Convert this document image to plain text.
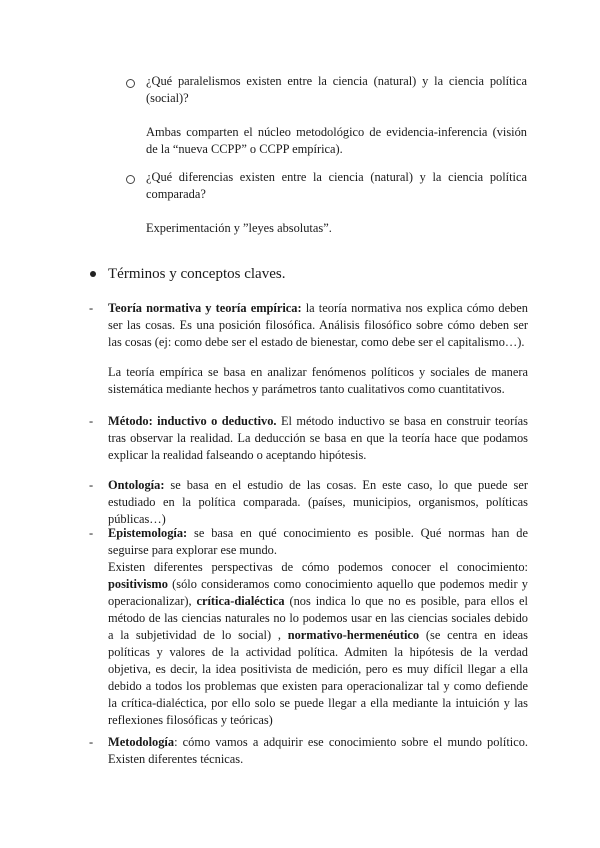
¿Qué paralelismos existen entre la ciencia (natural) y la ciencia política (social)?
Ambas comparten el núcleo metodológico de evidencia-inferencia (visión de la “nueva CCPP” o CCPP empírica).
¿Qué diferencias existen entre la ciencia (natural) y la ciencia política comparada?
Experimentación y ”leyes absolutas”.
Términos y conceptos claves.
- Teoría normativa y teoría empírica: la teoría normativa nos explica cómo deben ser las cosas. Es una posición filosófica. Análisis filosófico sobre cómo deben ser las cosas (ej: como debe ser el estado de bienestar, como debe ser el capitalismo…).
La teoría empírica se basa en analizar fenómenos políticos y sociales de manera sistemática mediante hechos y parámetros tanto cualitativos como cuantitativos.
- Método: inductivo o deductivo. El método inductivo se basa en construir teorías tras observar la realidad. La deducción se basa en que la teoría hace que podamos explicar la realidad falseando o aceptando hipótesis.
- Ontología: se basa en el estudio de las cosas. En este caso, lo que puede ser estudiado en la política comparada. (países, municipios, organismos, políticas públicas…)
- Epistemología: se basa en qué conocimiento es posible. Qué normas han de seguirse para explorar ese mundo.
Existen diferentes perspectivas de cómo podemos conocer el conocimiento: positivismo (sólo consideramos como conocimiento aquello que podemos medir y operacionalizar), crítica-dialéctica (nos indica lo que no es posible, para ellos el método de las ciencias naturales no lo podemos usar en las ciencias sociales debido a la subjetividad de lo social) , normativo-hermenéutico (se centra en ideas políticas y valores de la actividad política. Admiten la hipótesis de la verdad objetiva, es decir, la idea positivista de medición, pero es muy difícil llegar a ella debido a todos los problemas que existen para operacionalizar tal y como defiende la crítica-dialéctica, por ello solo se puede llegar a ella mediante la intuición y las reflexiones filosóficas y teóricas)
- Metodología: cómo vamos a adquirir ese conocimiento sobre el mundo político. Existen diferentes técnicas.
